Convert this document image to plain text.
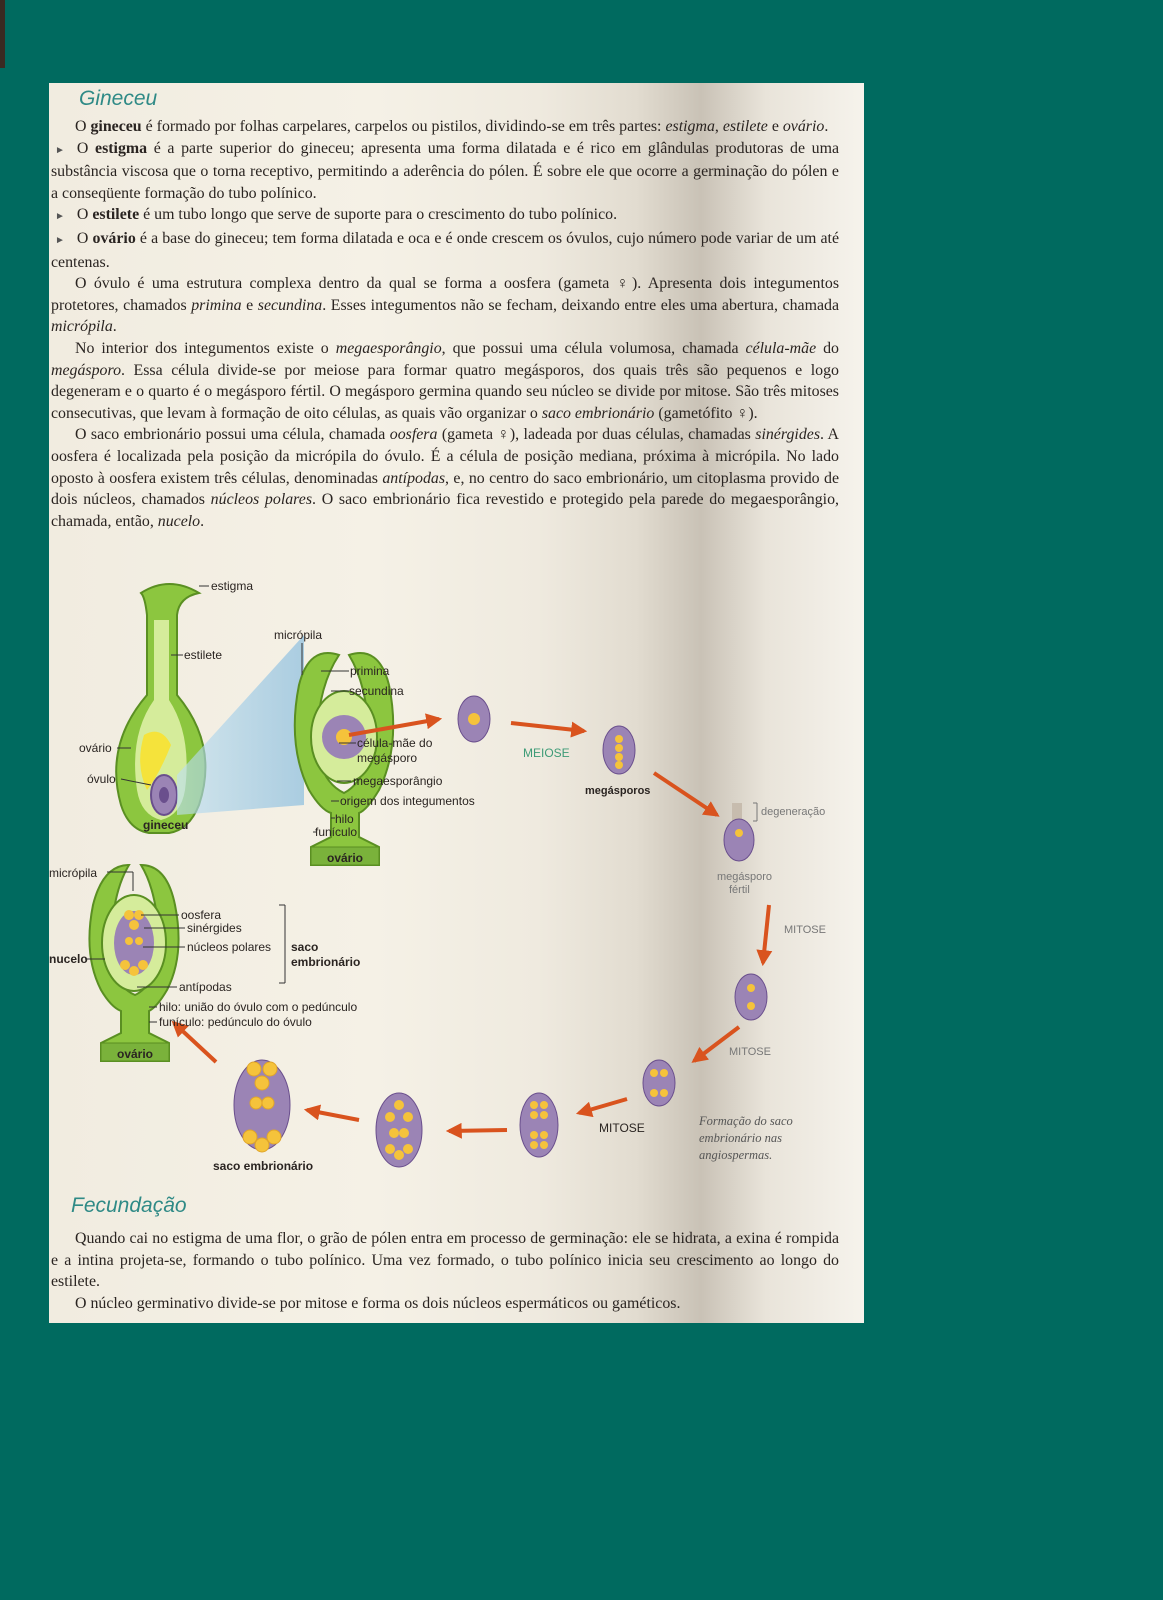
Gineceu

O gineceu é formado por folhas carpelares, carpelos ou pistilos, dividindo-se em três partes: estigma, estilete e ovário.

► O estigma é a parte superior do gineceu; apresenta uma forma dilatada e é rico em glândulas produtoras de uma substância viscosa que o torna receptivo, permitindo a aderência do pólen. É sobre ele que ocorre a germinação do pólen e a conseqüente formação do tubo polínico.

► O estilete é um tubo longo que serve de suporte para o crescimento do tubo polínico.

► O ovário é a base do gineceu; tem forma dilatada e oca e é onde crescem os óvulos, cujo número pode variar de um até centenas.

O óvulo é uma estrutura complexa dentro da qual se forma a oosfera (gameta ♀). Apresenta dois integumentos protetores, chamados primina e secundina. Esses integumentos não se fecham, deixando entre eles uma abertura, chamada micrópila.

No interior dos integumentos existe o megaesporângio, que possui uma célula volumosa, chamada célula-mãe do megásporo. Essa célula divide-se por meiose para formar quatro megásporos, dos quais três são pequenos e logo degeneram e o quarto é o megásporo fértil. O megásporo germina quando seu núcleo se divide por mitose. São três mitoses consecutivas, que levam à formação de oito células, as quais vão organizar o saco embrionário (gametófito ♀).

O saco embrionário possui uma célula, chamada oosfera (gameta ♀), ladeada por duas células, chamadas sinérgides. A oosfera é localizada pela posição da micrópila do óvulo. É a célula de posição mediana, próxima à micrópila. No lado oposto à oosfera existem três células, denominadas antípodas, e, no centro do saco embrionário, um citoplasma provido de dois núcleos, chamados núcleos polares. O saco embrionário fica revestido e protegido pela parede do megaesporângio, chamada, então, nucelo.

ovário
estigma
estilete
ovário
óvulo
gineceu
micrópila
primina
secundina
célula-mãe do
megásporo
megaesporângio
origem dos integumentos
hilo
funículo
MEIOSE
megásporos
degeneração
megásporo
fértil
MITOSE
MITOSE
MITOSE	Formação do saco
embrionário nas
angiospermas.
saco embrionário
ovário
micrópila
oosfera
sinérgides
núcleos polares saco
embrionário
nucelo
antípodas
hilo: união do óvulo com o pedúnculo
funículo: pedúnculo do óvulo
Fecundação

Quando cai no estigma de uma flor, o grão de pólen entra em processo de germinação: ele se hidrata, a exina é rompida e a intina projeta-se, formando o tubo polínico. Uma vez formado, o tubo polínico inicia seu crescimento ao longo do estilete.

O núcleo germinativo divide-se por mitose e forma os dois núcleos espermáticos ou gaméticos.
